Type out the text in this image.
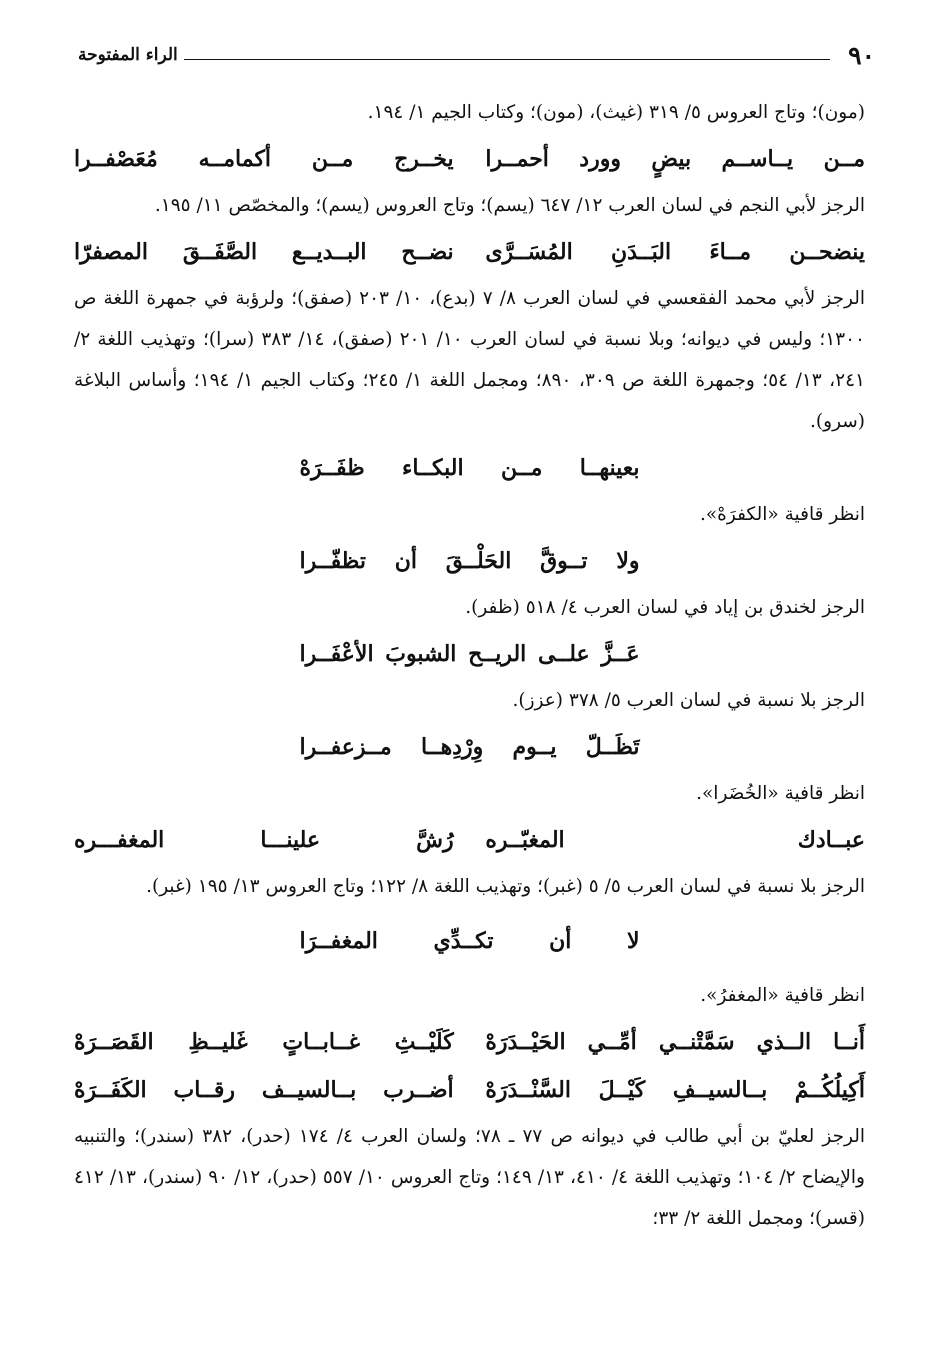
٩٠
الراء المفتوحة

(مون)؛ وتاج العروس ٥/ ٣١٩ (غيث)، (مون)؛ وكتاب الجيم ١/ ١٩٤.

مــن يــاســم بيضٍ وورد أحمــرا
يخــرج مــن أكمامــه مُعَصْفــرا

الرجز لأبي النجم في لسان العرب ١٢/ ٦٤٧ (يسم)؛ وتاج العروس (يسم)؛ والمخصّص ١١/ ١٩٥.

ينضحــن مــاءَ البَــدَنِ المُسَــرَّى
نضــح البــديــع الصَّفَــقَ المصفرّا

الرجز لأبي محمد الفقعسي في لسان العرب ٨/ ٧ (بدع)، ١٠/ ٢٠٣ (صفق)؛ ولرؤبة في جمهرة اللغة ص ١٣٠٠؛ وليس في ديوانه؛ وبلا نسبة في لسان العرب ١٠/ ٢٠١ (صفق)، ١٤/ ٣٨٣ (سرا)؛ وتهذيب اللغة ٢/ ٢٤١، ١٣/ ٥٤؛ وجمهرة اللغة ص ٣٠٩، ٨٩٠؛ ومجمل اللغة ١/ ٢٤٥؛ وكتاب الجيم ١/ ١٩٤؛ وأساس البلاغة (سرو).

بعينهــا مــن البكــاء ظفَــرَهْ

انظر قافية «الكفرَهْ».

ولا تــوقَّ الحَلْــقَ أن تظفّــرا

الرجز لخندق بن إياد في لسان العرب ٤/ ٥١٨ (ظفر).

عَــزَّ علــى الريــح الشبوبَ الأعْفَــرا

الرجز بلا نسبة في لسان العرب ٥/ ٣٧٨ (عزز).

تَظَــلّ يــوم وِرْدِهــا مــزعفــرا

انظر قافية «الخُضَرا».

عبــادك المغبّــره
رُشَّ علينـــا المغفـــره

الرجز بلا نسبة في لسان العرب ٥/ ٥ (غبر)؛ وتهذيب اللغة ٨/ ١٢٢؛ وتاج العروس ١٣/ ١٩٥ (غبر).

لا أن تكــدِّي المغفــرَا

انظر قافية «المغفرُ».

أَنــا الــذي سَمَّتْنــي أمِّــي الحَيْــدَرَهْ
كَلَيْــثِ غــابــاتٍ غَليــظِ القَصَــرَهْ
أَكِيلُكُــمْ بــالسيــفِ كَيْــلَ السَّنْــدَرَهْ
أضــرب بــالسيــف رقــاب الكَفَــرَهْ

الرجز لعليّ بن أبي طالب في ديوانه ص ٧٧ ـ ٧٨؛ ولسان العرب ٤/ ١٧٤ (حدر)، ٣٨٢ (سندر)؛ والتنبيه والإيضاح ٢/ ١٠٤؛ وتهذيب اللغة ٤/ ٤١٠، ١٣/ ١٤٩؛ وتاج العروس ١٠/ ٥٥٧ (حدر)، ١٢/ ٩٠ (سندر)، ١٣/ ٤١٢ (قسر)؛ ومجمل اللغة ٢/ ٣٣؛
